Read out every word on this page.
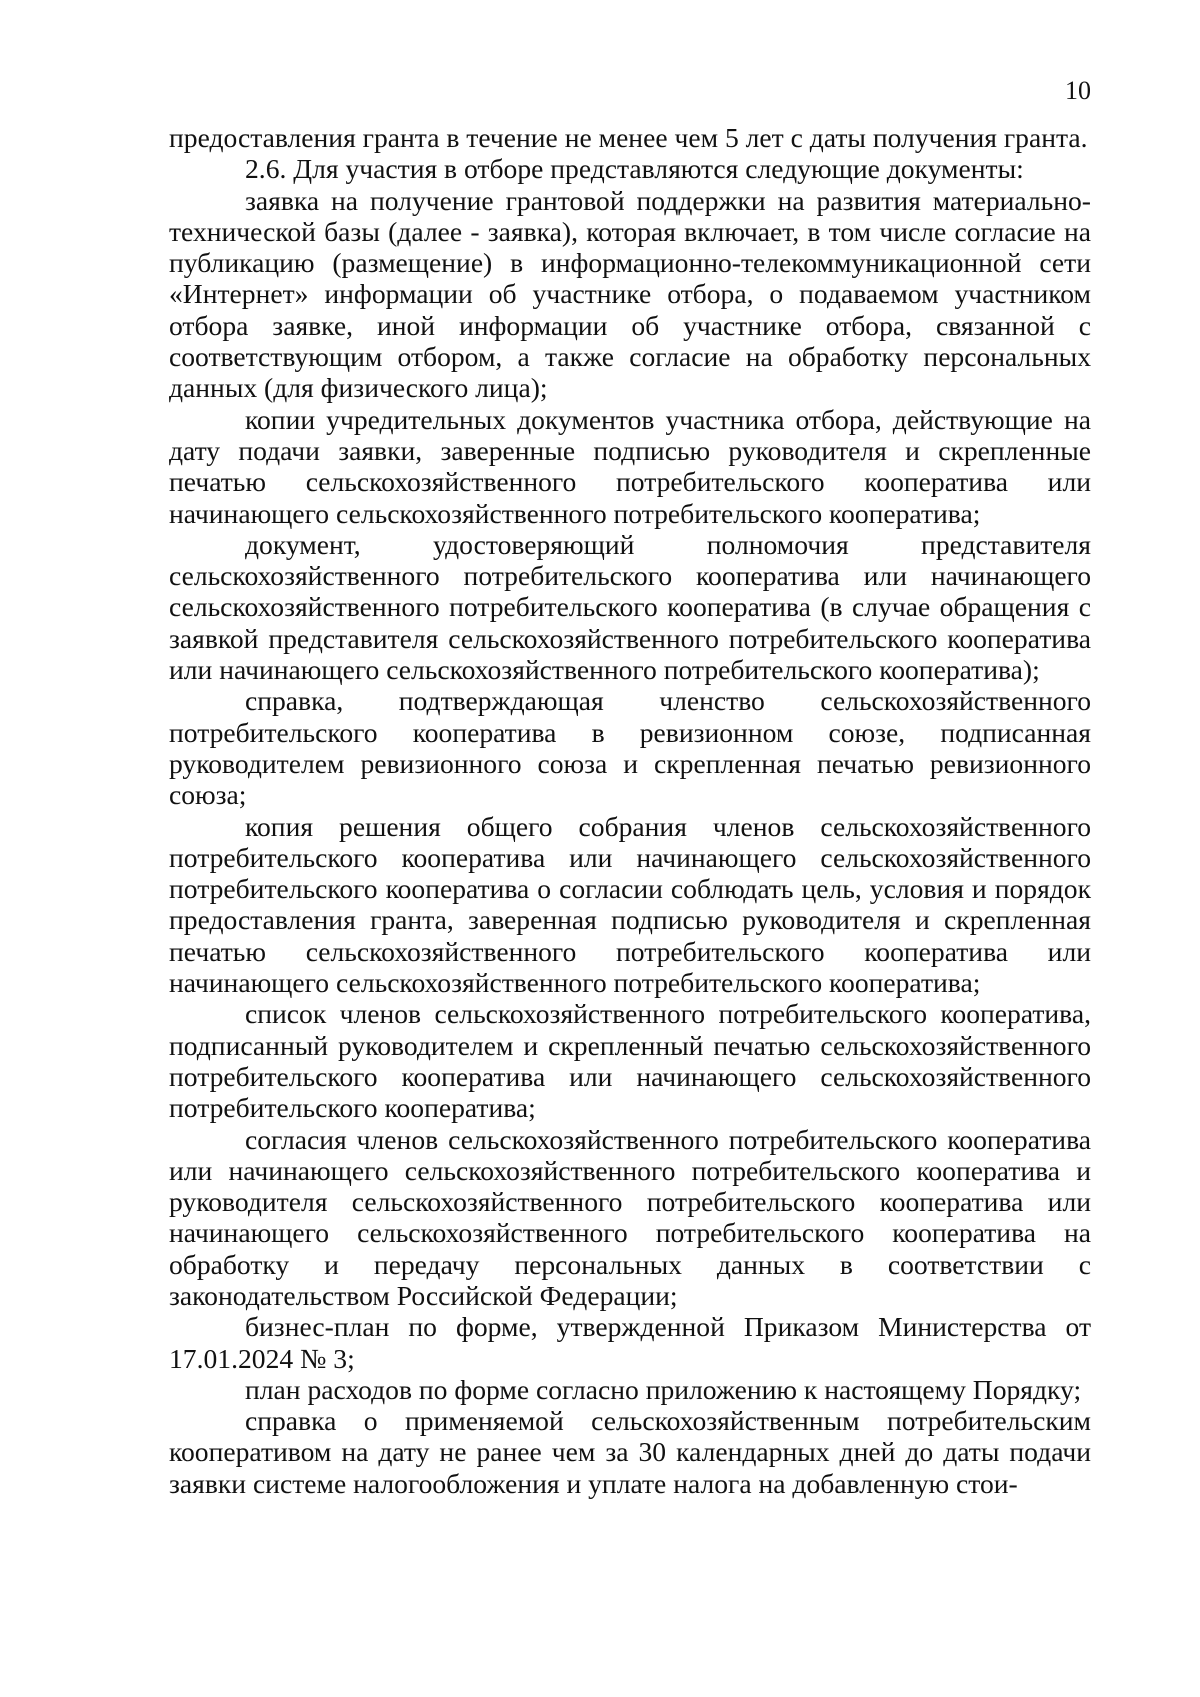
10

предоставления гранта в течение не менее чем 5 лет с даты получения гранта.

2.6. Для участия в отборе представляются следующие документы:

заявка на получение грантовой поддержки на развития материально-технической базы (далее - заявка), которая включает, в том числе согласие на публикацию (размещение) в информационно-телекоммуникационной сети «Интернет» информации об участнике отбора, о подаваемом участником отбора заявке, иной информации об участнике отбора, связанной с соответствующим отбором, а также согласие на обработку персональных данных (для физического лица);

копии учредительных документов участника отбора, действующие на дату подачи заявки, заверенные подписью руководителя и скрепленные печатью сельскохозяйственного потребительского кооператива или начинающего сельскохозяйственного потребительского кооператива;

документ, удостоверяющий полномочия представителя сельскохозяйственного потребительского кооператива или начинающего сельскохозяйственного потребительского кооператива (в случае обращения с заявкой представителя сельскохозяйственного потребительского кооператива или начинающего сельскохозяйственного потребительского кооператива);

справка, подтверждающая членство сельскохозяйственного потребительского кооператива в ревизионном союзе, подписанная руководителем ревизионного союза и скрепленная печатью ревизионного союза;

копия решения общего собрания членов сельскохозяйственного потребительского кооператива или начинающего сельскохозяйственного потребительского кооператива о согласии соблюдать цель, условия и порядок предоставления гранта, заверенная подписью руководителя и скрепленная печатью сельскохозяйственного потребительского кооператива или начинающего сельскохозяйственного потребительского кооператива;

список членов сельскохозяйственного потребительского кооператива, подписанный руководителем и скрепленный печатью сельскохозяйственного потребительского кооператива или начинающего сельскохозяйственного потребительского кооператива;

согласия членов сельскохозяйственного потребительского кооператива или начинающего сельскохозяйственного потребительского кооператива и руководителя сельскохозяйственного потребительского кооператива или начинающего сельскохозяйственного потребительского кооператива на обработку и передачу персональных данных в соответствии с законодательством Российской Федерации;

бизнес-план по форме, утвержденной Приказом Министерства от 17.01.2024 № 3;

план расходов по форме согласно приложению к настоящему Порядку;

справка о применяемой сельскохозяйственным потребительским кооперативом на дату не ранее чем за 30 календарных дней до даты подачи заявки системе налогообложения и уплате налога на добавленную стои-
